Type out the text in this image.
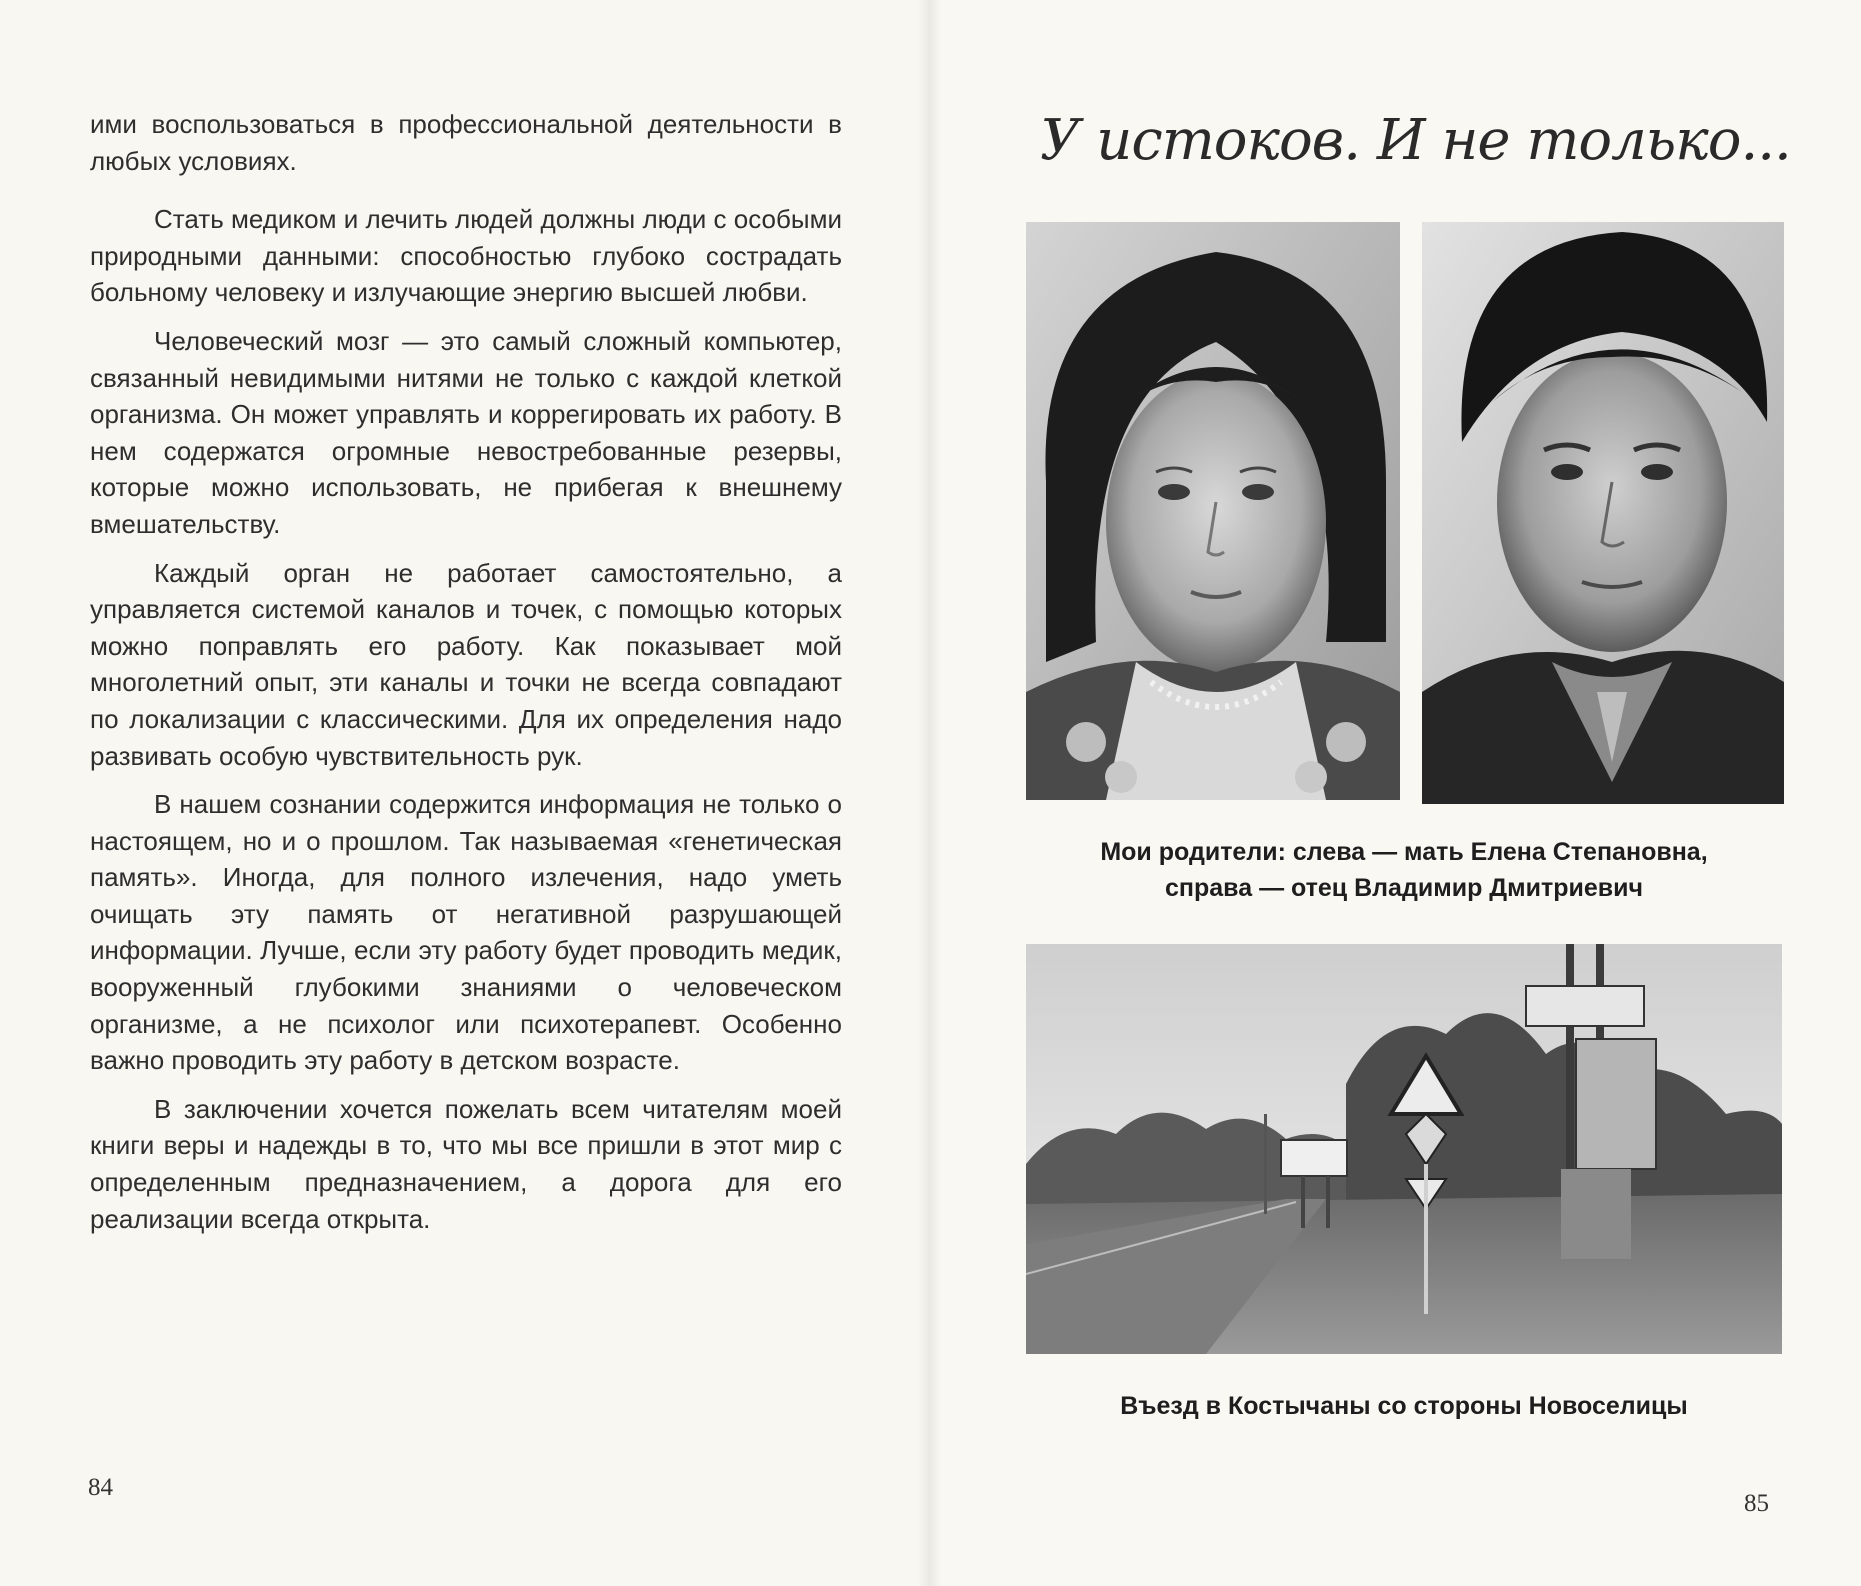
ими воспользоваться в профессиональной деятельности в любых условиях.

Стать медиком и лечить людей должны люди с особыми природными данными: способностью глубоко сострадать больному человеку и излучающие энергию высшей любви.

Человеческий мозг — это самый сложный компьютер, связанный невидимыми нитями не только с каждой клеткой организма. Он может управлять и коррегировать их работу. В нем содержатся огромные невостребованные резервы, которые можно использовать, не прибегая к внешнему вмешательству.

Каждый орган не работает самостоятельно, а управляется системой каналов и точек, с помощью которых можно поправлять его работу. Как показывает мой многолетний опыт, эти каналы и точки не всегда совпадают по локализации с классическими. Для их определения надо развивать особую чувствительность рук.

В нашем сознании содержится информация не только о настоящем, но и о прошлом. Так называемая «генетическая память». Иногда, для полного излечения, надо уметь очищать эту память от негативной разрушающей информации. Лучше, если эту работу будет проводить медик, вооруженный глубокими знаниями о человеческом организме, а не психолог или психотерапевт. Особенно важно проводить эту работу в детском возрасте.

В заключении хочется пожелать всем читателям моей книги веры и надежды в то, что мы все пришли в этот мир с определенным предназначением, а дорога для его реализации всегда открыта.

84
У истоков. И не только...
Мои родители: слева — мать Елена Степановна,
справа — отец Владимир Дмитриевич
Въезд в Костычаны со стороны Новоселицы
85
